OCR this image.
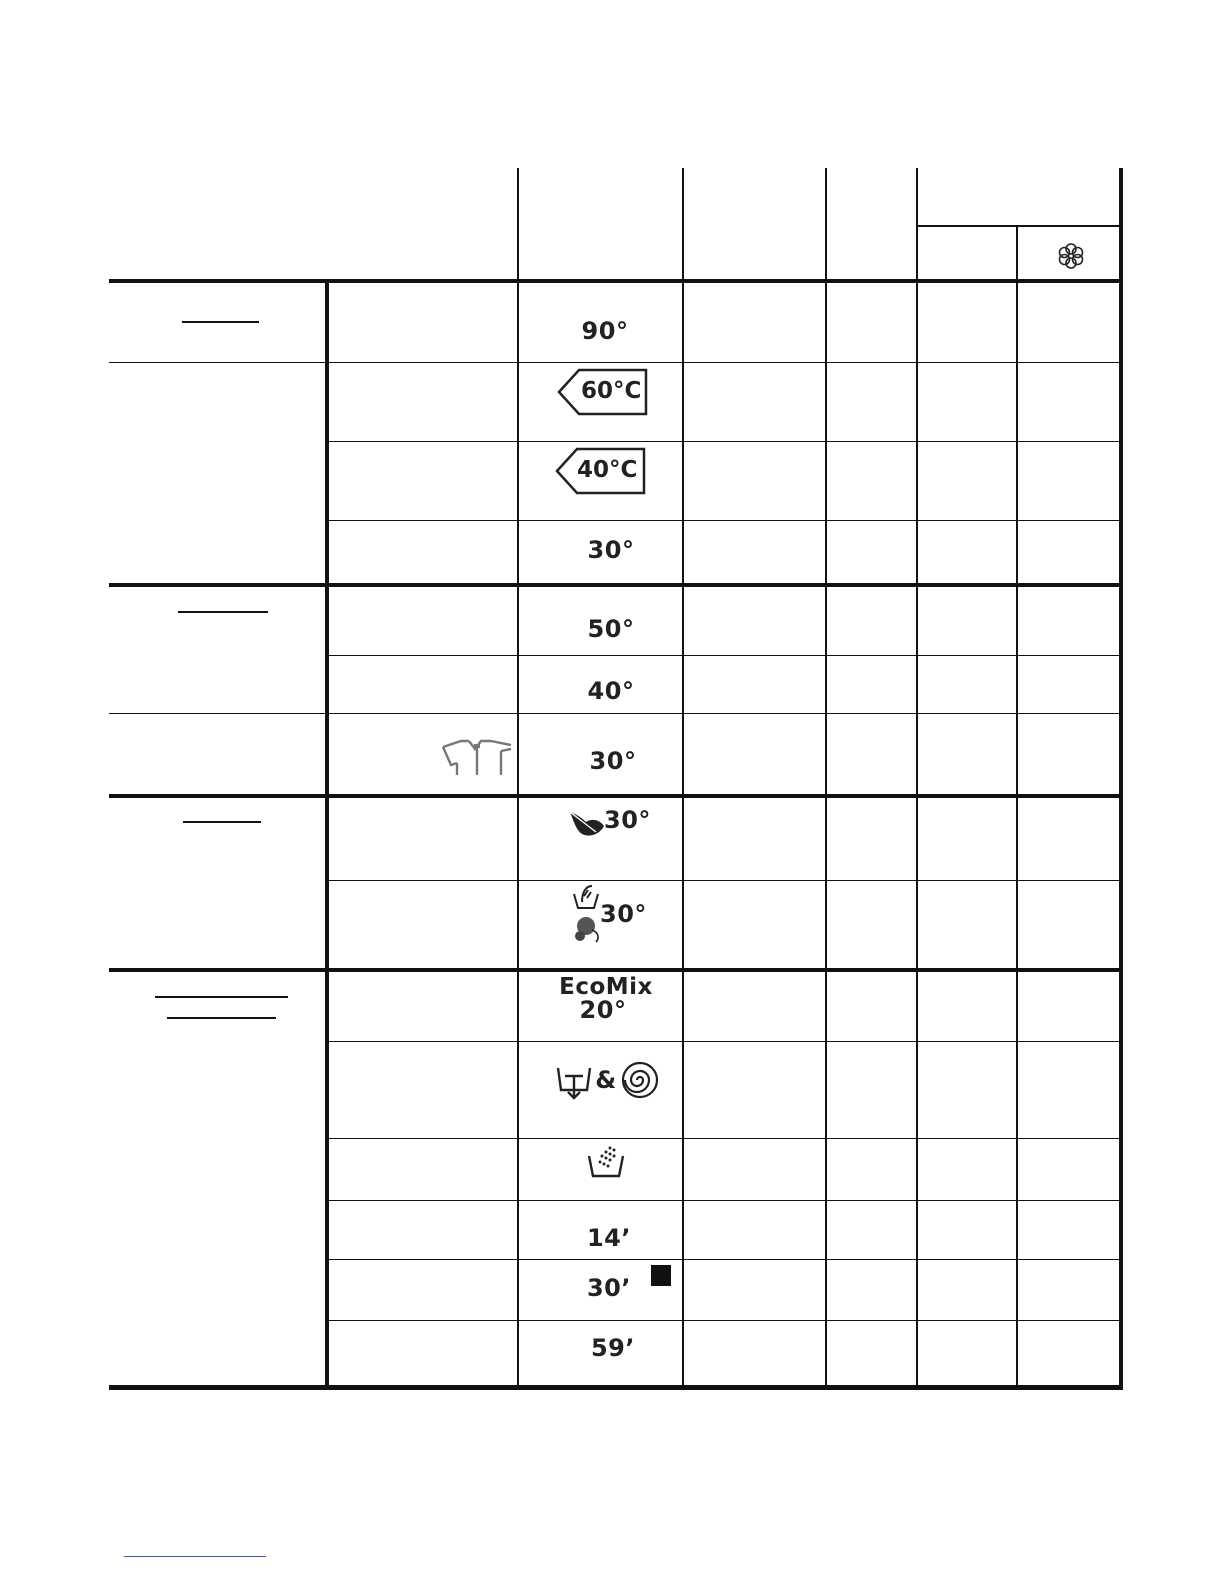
90°
60°C
40°C
30°
50°
40°
30°
30°
30°
EcoMix
20°
&
14’
30’
59’
